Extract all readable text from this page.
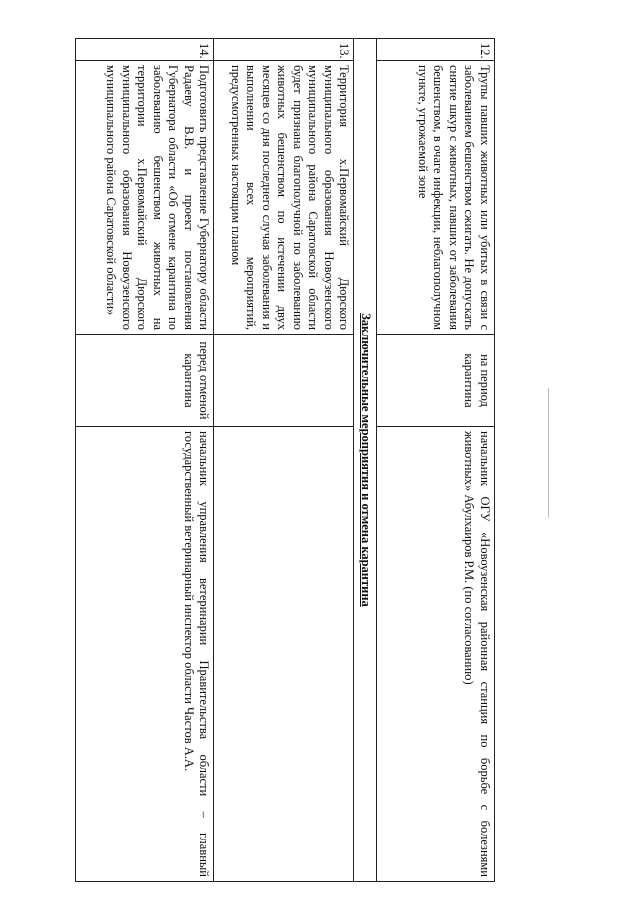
12.	Трупы павших животных или убитых в связи с заболеванием бешенством сжигать. Не допускать снятие шкур с животных, павших от заболевания бешенством, в очаге инфекции, неблагополучном пункте, угрожаемой зоне	на период карантина	начальник ОГУ «Новоузенская районная станция по борьбе с болезнями животных» Абулхаиров Р.М. (по согласованию)
Заключительные мероприятия и отмена карантина			
13.	Территория х.Первомайский Дюрского муниципального образования Новоузенского муниципального района Саратовской области будет признана благополучной по заболеванию животных бешенством по истечении двух месяцев со дня последнего случая заболевания и выполнении всех мероприятий, предусмотренных настоящим планом		
14.	Подготовить представление Губернатору области Радаеву В.В. и проект постановления Губернатора области «Об отмене карантина по заболеванию бешенством животных на территории х.Первомайский Дюрского муниципального образования Новоузенского муниципального района Саратовской области»	перед отменой карантина	начальник управления ветеринарии Правительства области – главный государственный ветеринарный инспектор области Частов А.А.
